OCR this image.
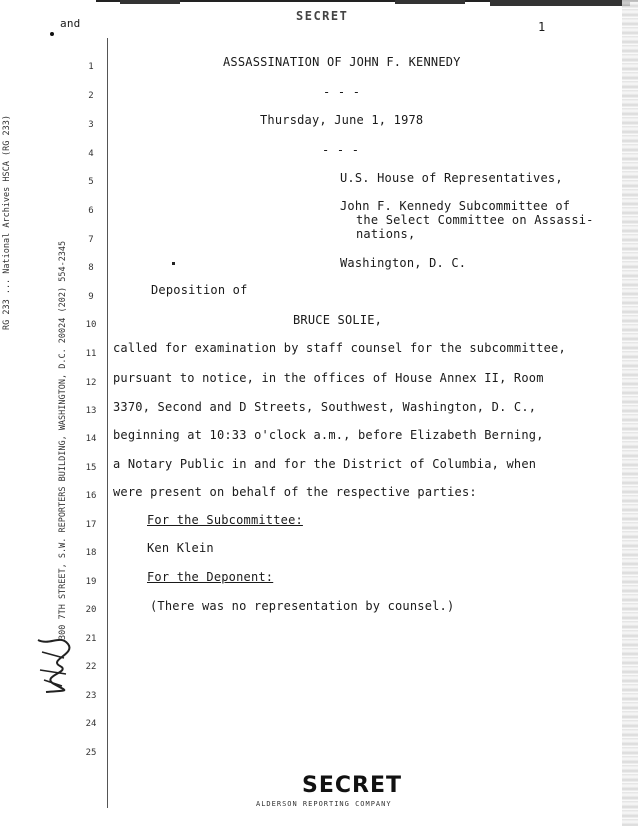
and
RG 233 ... National Archives HSCA (RG 233)
300 7TH STREET, S.W. REPORTERS BUILDING, WASHINGTON, D.C. 20024 (202) 554-2345
SECRET
1
1
2
3
4
5
6
7
8
9
10
11
12
13
14
15
16
17
18
19
20
21
22
23
24
25
ASSASSINATION OF JOHN F. KENNEDY
- - -
Thursday, June 1, 1978
- - -
U.S. House of Representatives,
John F. Kennedy Subcommittee of
the Select Committee on Assassi-
nations,
Washington, D. C.
Deposition of
BRUCE SOLIE,
called for examination by staff counsel for the subcommittee,
pursuant to notice, in the offices of House Annex II, Room
3370, Second and D Streets, Southwest, Washington, D. C.,
beginning at 10:33 o'clock a.m., before Elizabeth Berning,
a Notary Public in and for the District of Columbia, when
were present on behalf of the respective parties:
For the Subcommittee:
Ken Klein
For the Deponent:
(There was no representation by counsel.)
SECRET
ALDERSON REPORTING COMPANY
